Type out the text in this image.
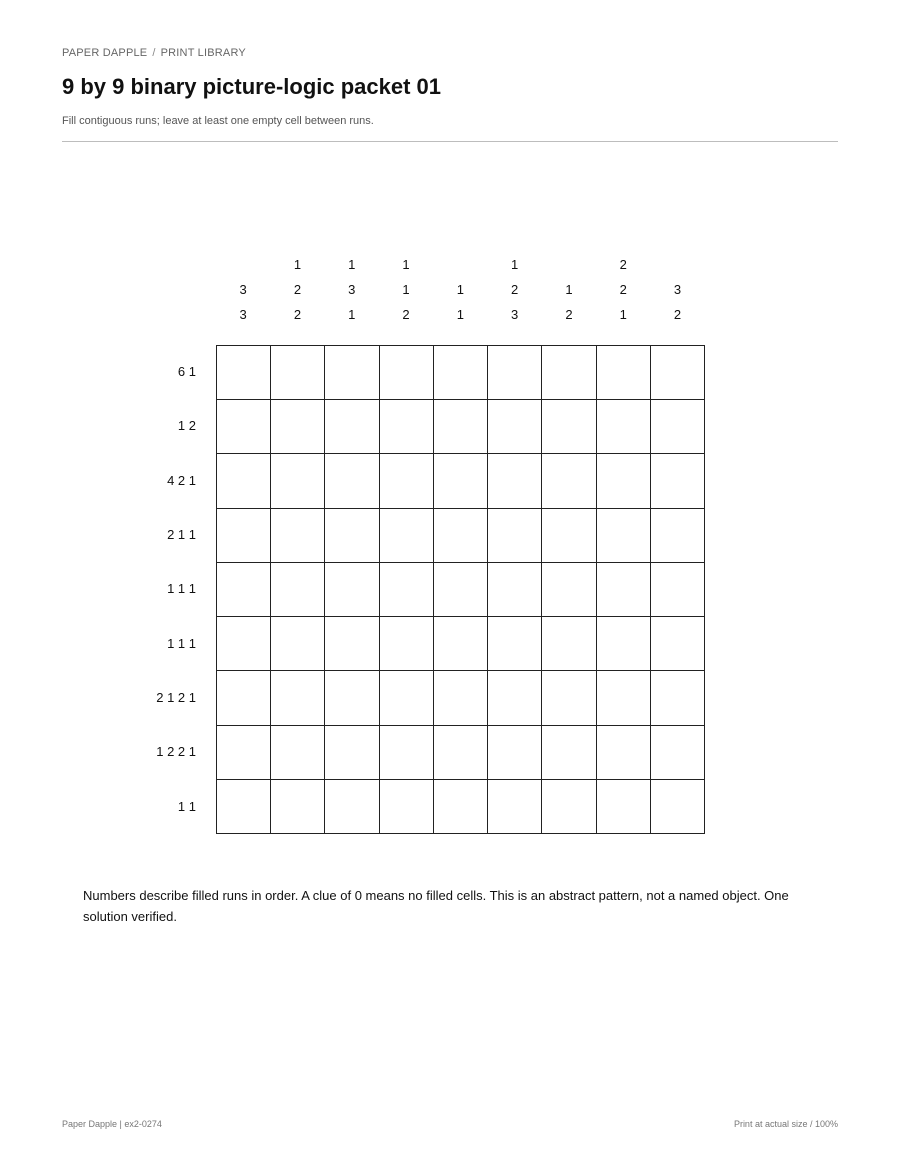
PAPER DAPPLE / PRINT LIBRARY
9 by 9 binary picture-logic packet 01
Fill contiguous runs; leave at least one empty cell between runs.
3
3
1
2
2
1
3
1
1
1
2
1
1
1
2
3
1
2
2
2
1
3
2
6 1
1 2
4 2 1
2 1 1
1 1 1
1 1 1
2 1 2 1
1 2 2 1
1 1
Numbers describe filled runs in order. A clue of 0 means no filled cells. This is an abstract pattern, not a named object. One solution verified.
Paper Dapple | ex2-0274	Print at actual size / 100%
